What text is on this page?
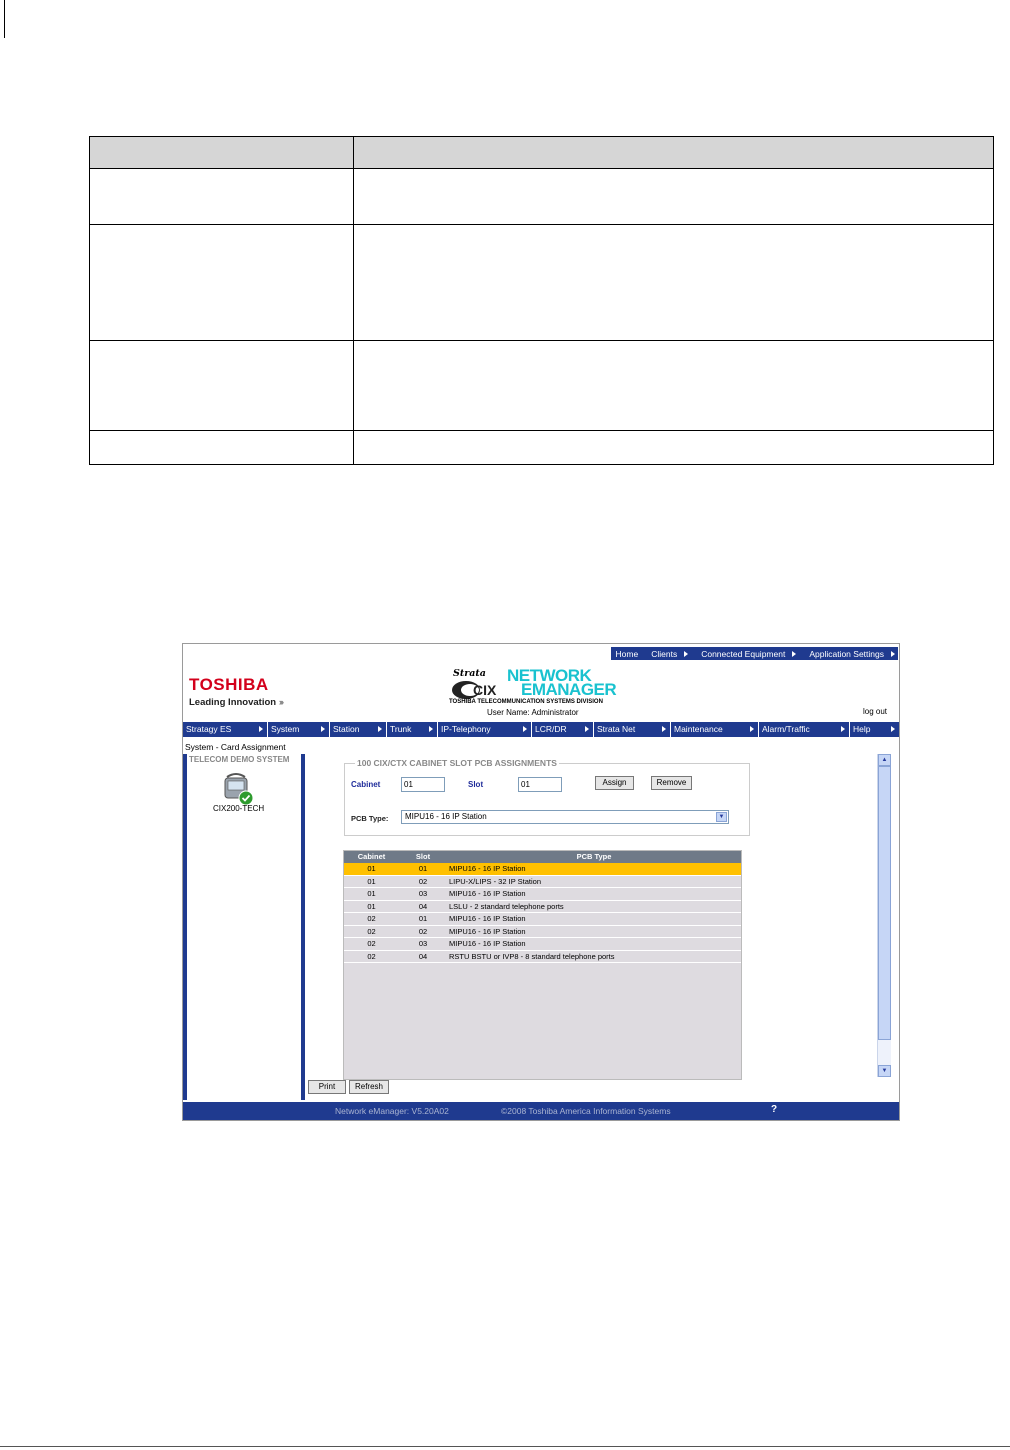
Home	Clients	Connected Equipment	Application Settings
TOSHIBA
Leading Innovation ›››
Strata
CIX
NETWORK
EMANAGER
TOSHIBA TELECOMMUNICATION SYSTEMS DIVISION
User Name: Administrator	log out
Stratagy ES	System	Station	Trunk	IP-Telephony	LCR/DR	Strata Net	Maintenance	Alarm/Traffic	Help
System - Card Assignment
TELECOM DEMO SYSTEM
CIX200-TECH
100 CIX/CTX CABINET SLOT PCB ASSIGNMENTS
Cabinet	01	Slot	01	Assign	Remove
PCB Type:	MIPU16 - 16 IP Station	▼
Cabinet	Slot	PCB Type
01	01	MIPU16 - 16 IP Station
01	02	LIPU-X/LIPS - 32 IP Station
01	03	MIPU16 - 16 IP Station
01	04	LSLU - 2 standard telephone ports
02	01	MIPU16 - 16 IP Station
02	02	MIPU16 - 16 IP Station
02	03	MIPU16 - 16 IP Station
02	04	RSTU BSTU or IVP8 - 8 standard telephone ports
▲
▼
Print	Refresh
Network eManager: V5.20A02	©2008 Toshiba America Information Systems	?
